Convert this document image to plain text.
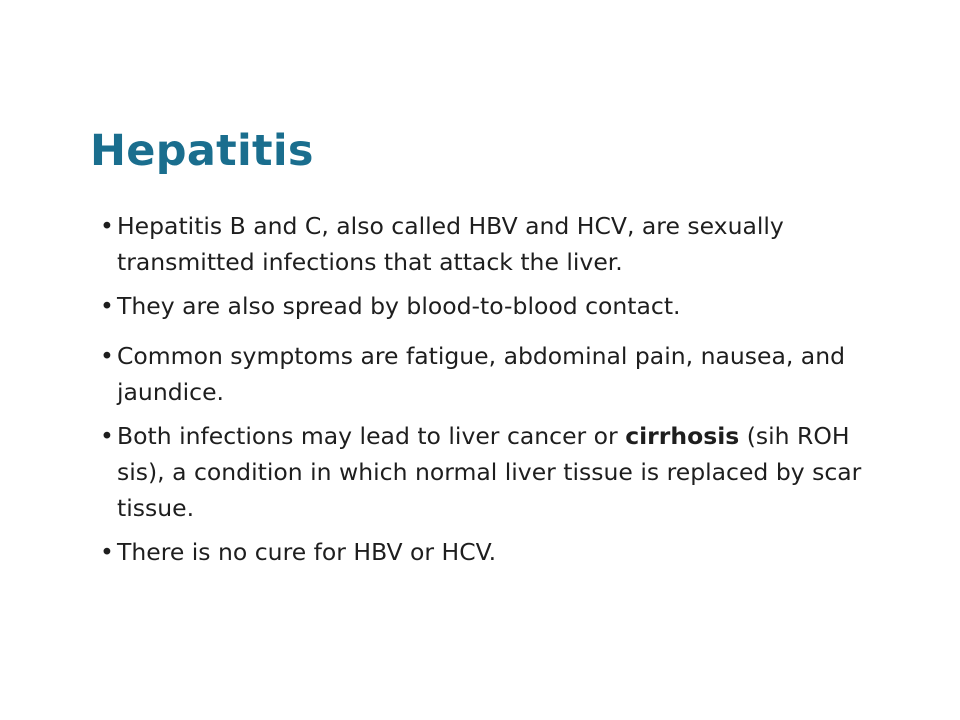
Hepatitis
• Hepatitis B and C, also called HBV and HCV, are sexually transmitted infections that attack the liver.
• They are also spread by blood-to-blood contact.
• Common symptoms are fatigue, abdominal pain, nausea, and jaundice.
• Both infections may lead to liver cancer or cirrhosis (sih ROH sis), a condition in which normal liver tissue is replaced by scar tissue.
• There is no cure for HBV or HCV.
